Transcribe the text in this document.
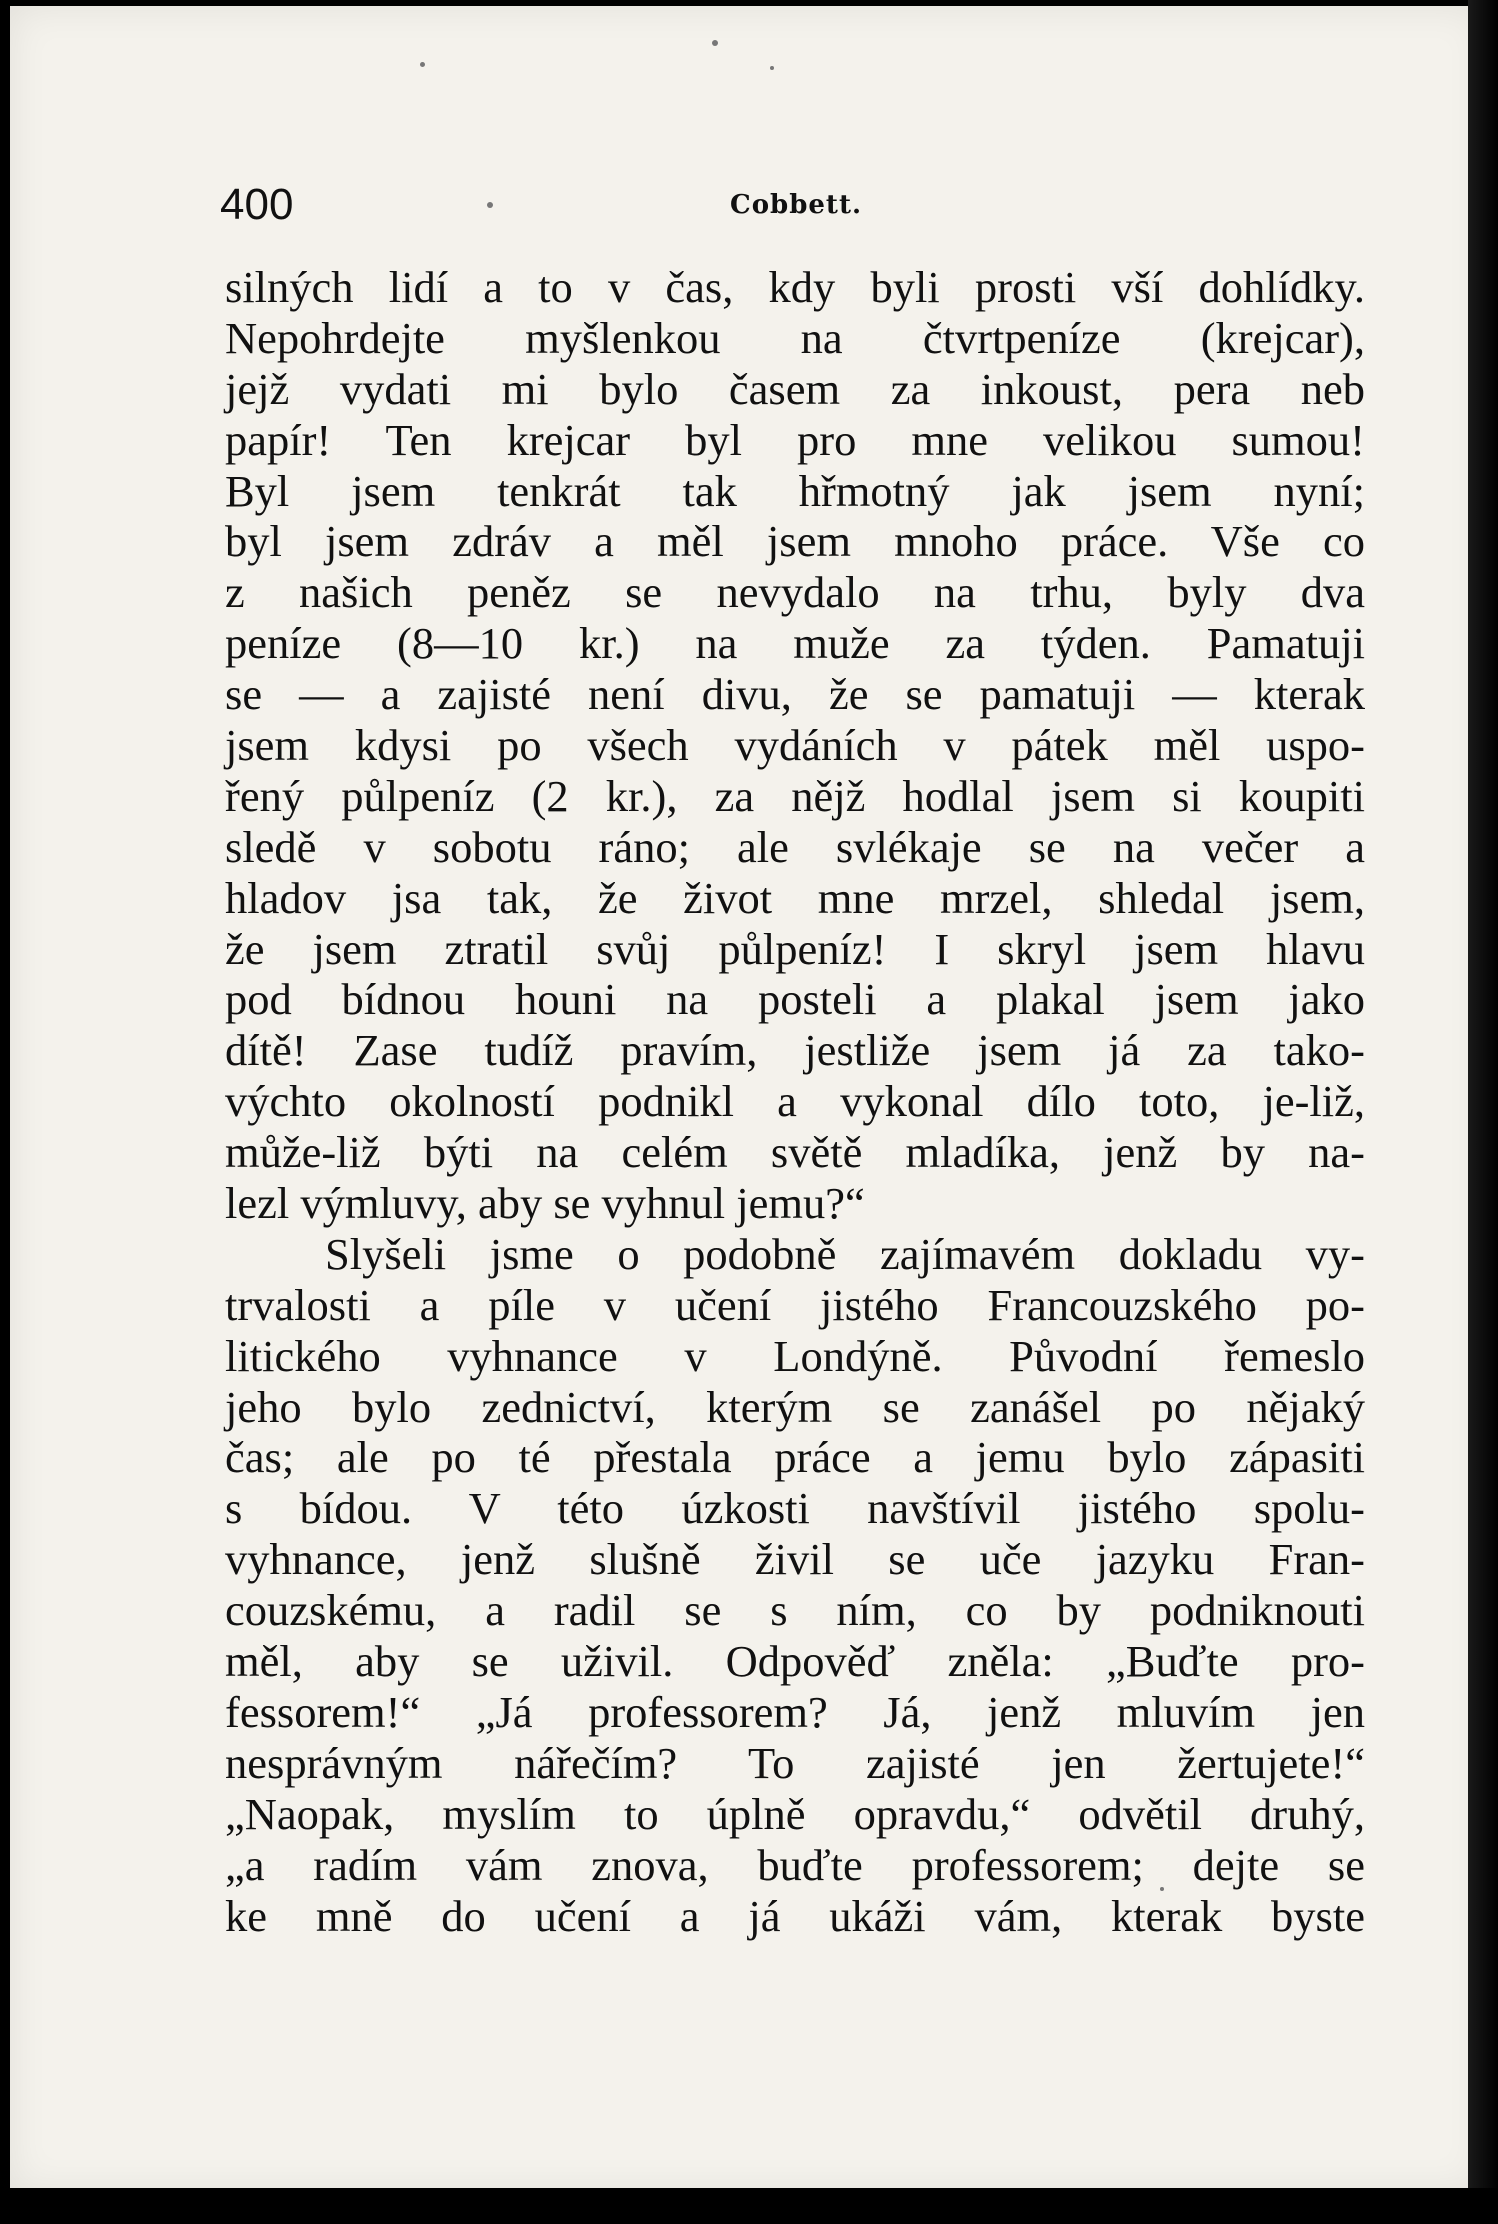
400	Cobbett.
silných lidí a to v čas, kdy byli prosti vší dohlídky.
Nepohrdejte myšlenkou na čtvrtpeníze (krejcar),
jejž vydati mi bylo časem za inkoust, pera neb
papír! Ten krejcar byl pro mne velikou sumou!
Byl jsem tenkrát tak hřmotný jak jsem nyní;
byl jsem zdráv a měl jsem mnoho práce. Vše co
z našich peněz se nevydalo na trhu, byly dva
peníze (8—10 kr.) na muže za týden. Pamatuji
se — a zajisté není divu, že se pamatuji — kterak
jsem kdysi po všech vydáních v pátek měl uspo-
řený půlpeníz (2 kr.), za nějž hodlal jsem si koupiti
sledě v sobotu ráno; ale svlékaje se na večer a
hladov jsa tak, že život mne mrzel, shledal jsem,
že jsem ztratil svůj půlpeníz! I skryl jsem hlavu
pod bídnou houni na posteli a plakal jsem jako
dítě! Zase tudíž pravím, jestliže jsem já za tako-
výchto okolností podnikl a vykonal dílo toto, je-liž,
může-liž býti na celém světě mladíka, jenž by na-
lezl výmluvy, aby se vyhnul jemu?“
Slyšeli jsme o podobně zajímavém dokladu vy-
trvalosti a píle v učení jistého Francouzského po-
litického vyhnance v Londýně. Původní řemeslo
jeho bylo zednictví, kterým se zanášel po nějaký
čas; ale po té přestala práce a jemu bylo zápasiti
s bídou. V této úzkosti navštívil jistého spolu-
vyhnance, jenž slušně živil se uče jazyku Fran-
couzskému, a radil se s ním, co by podniknouti
měl, aby se uživil. Odpověď zněla: „Buďte pro-
fessorem!“ „Já professorem? Já, jenž mluvím jen
nesprávným nářečím? To zajisté jen žertujete!“
„Naopak, myslím to úplně opravdu,“ odvětil druhý,
„a radím vám znova, buďte professorem; dejte se
ke mně do učení a já ukáži vám, kterak byste
